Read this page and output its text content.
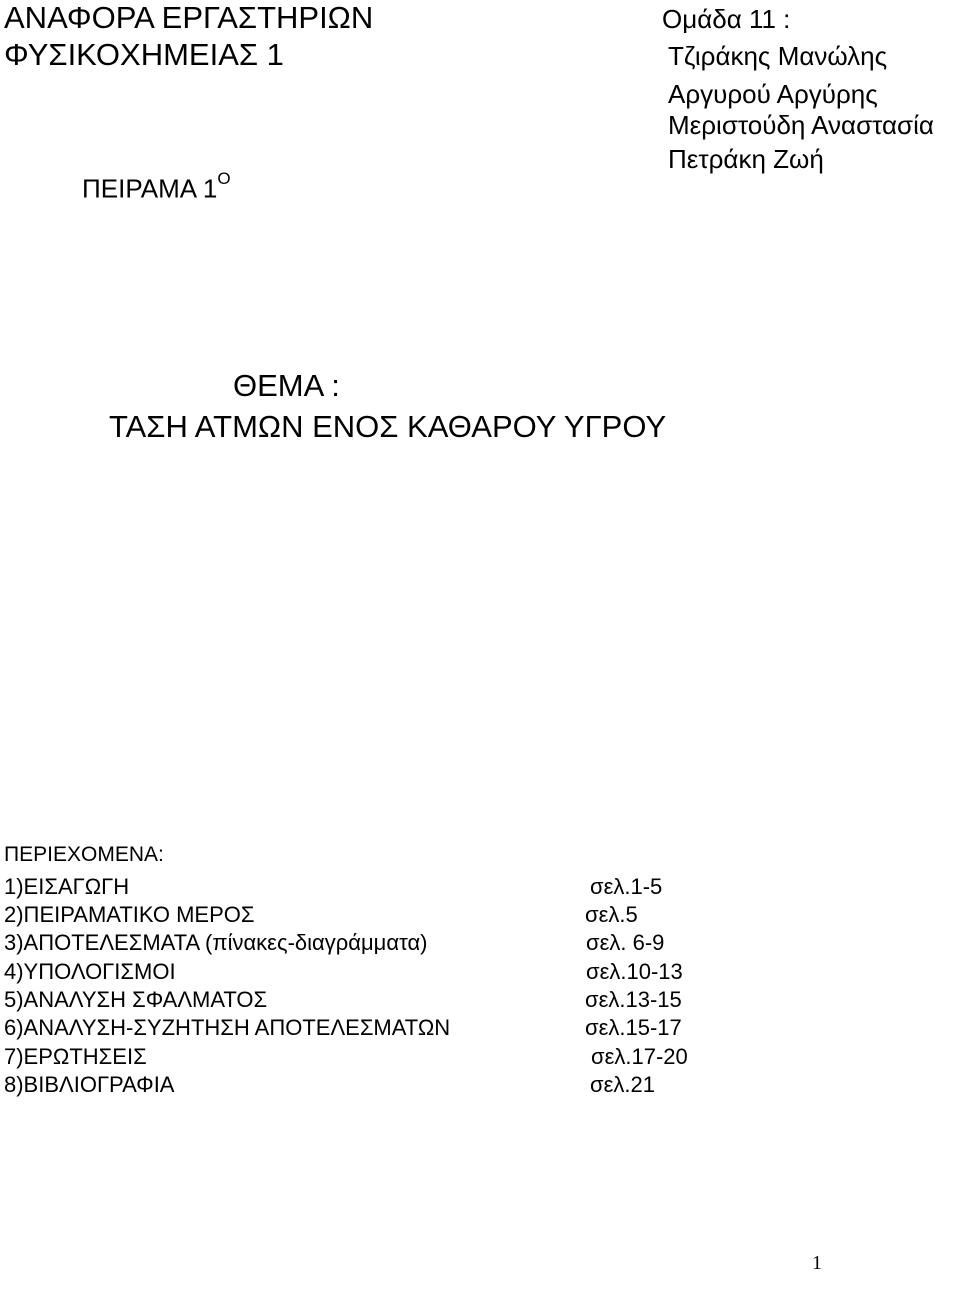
ΑΝΑΦΟΡΑ ΕΡΓΑΣΤΗΡΙΩΝ
ΦΥΣΙΚΟΧΗΜΕΙΑΣ 1
Ομάδα 11 :
Τζιράκης Μανώλης
Αργυρού Αργύρης
Μεριστούδη Αναστασία
Πετράκη Ζωή
ΠΕΙΡΑΜΑ $1^O$
ΘΕΜΑ :
ΤΑΣΗ ΑΤΜΩΝ ΕΝΟΣ ΚΑΘΑΡΟΥ ΥΓΡΟΥ
ΠΕΡΙΕΧΟΜΕΝΑ:
1)ΕΙΣΑΓΩΓΗ	σελ.1-5
2)ΠΕΙΡΑΜΑΤΙΚΟ ΜΕΡΟΣ	σελ.5
3)ΑΠΟΤΕΛΕΣΜΑΤΑ (πίνακες-διαγράμματα)	σελ. 6-9
4)ΥΠΟΛΟΓΙΣΜΟΙ	σελ.10-13
5)ΑΝΑΛΥΣΗ ΣΦΑΛΜΑΤΟΣ	σελ.13-15
6)ΑΝΑΛΥΣΗ-ΣΥΖΗΤΗΣΗ ΑΠΟΤΕΛΕΣΜΑΤΩΝ	σελ.15-17
7)ΕΡΩΤΗΣΕΙΣ	σελ.17-20
8)ΒΙΒΛΙΟΓΡΑΦΙΑ	σελ.21
1
